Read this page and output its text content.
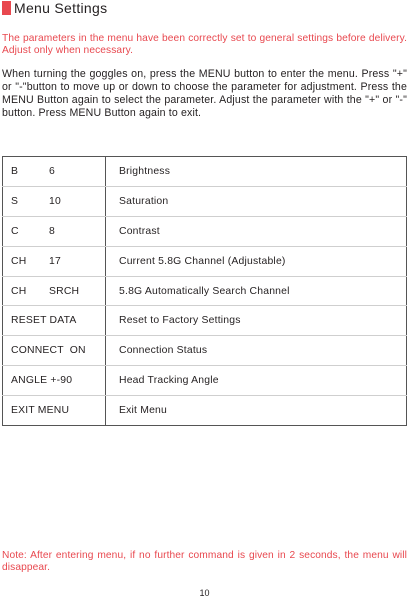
Menu Settings
The parameters in the menu have been correctly set to general settings before delivery. Adjust only when necessary.
When turning the goggles on, press the MENU button to enter the menu. Press "+" or "-"button to move up or down to choose the parameter for adjustment. Press the MENU Button again to select the parameter. Adjust the parameter with the "+" or "-" button. Press MENU Button again to exit.
B	6	Brightness
S	10	Saturation
C	8	Contrast
CH	17	Current 5.8G Channel (Adjustable)
CH	SRCH	5.8G Automatically Search Channel
RESET DATA		Reset to Factory Settings
CONNECT  ON		Connection Status
ANGLE +-90		Head Tracking Angle
EXIT MENU		Exit Menu
Note: After entering menu, if no further command is given in 2 seconds, the menu will disappear.
10
